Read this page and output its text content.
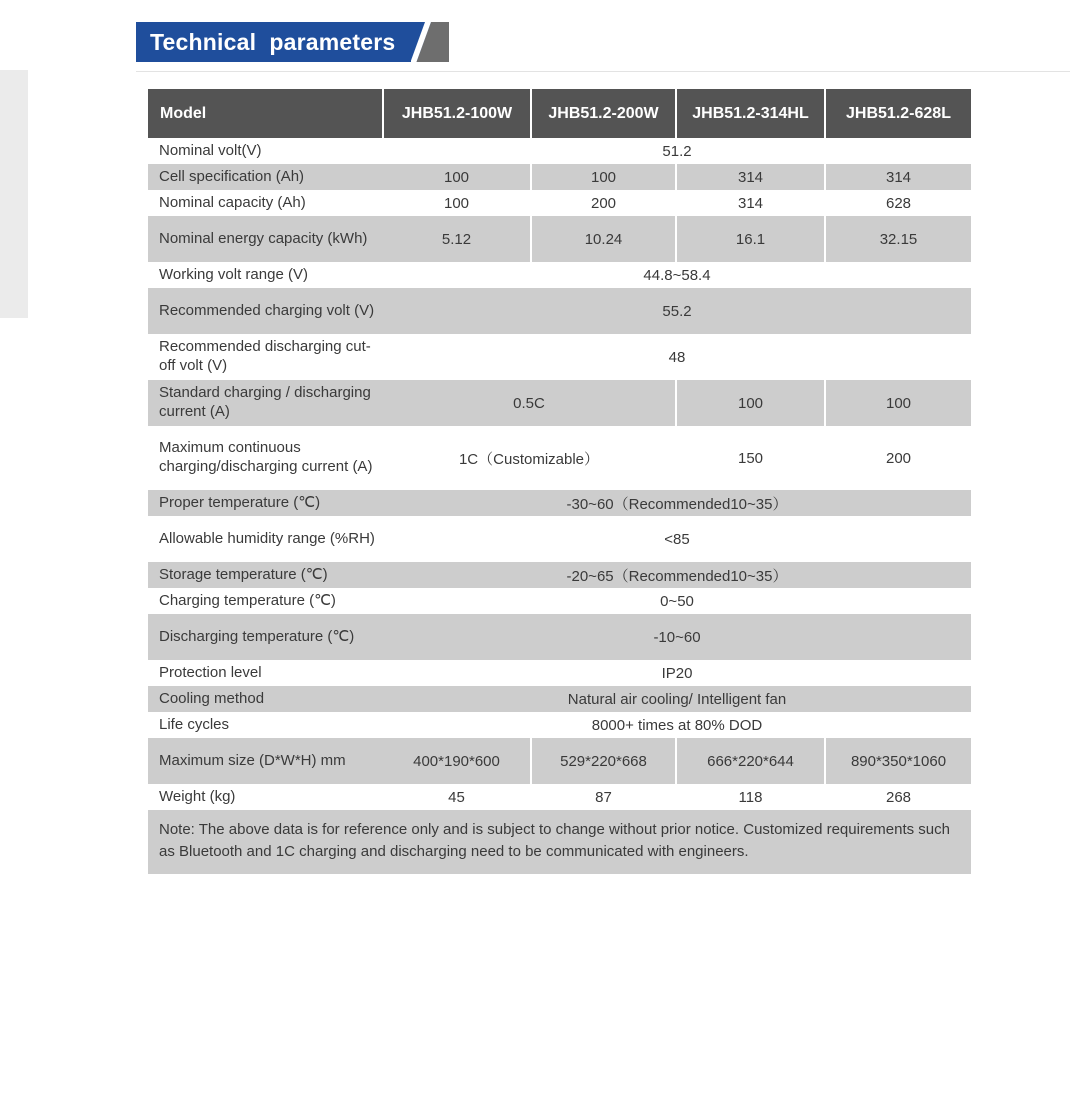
Technical  parameters
Model	JHB51.2-100W	JHB51.2-200W	JHB51.2-314HL	JHB51.2-628L
Nominal volt(V)	51.2			
Cell specification (Ah)	100	100	314	314
Nominal capacity (Ah)	100	200	314	628
Nominal energy capacity (kWh)	5.12	10.24	16.1	32.15
Working volt range (V)	44.8~58.4			
Recommended charging volt (V)	55.2			
Recommended discharging cut-off volt (V)	48			
Standard charging / discharging current (A)	0.5C		100	100
Maximum continuous charging/discharging current (A)	1C（Customizable）		150	200
Proper temperature (℃)	-30~60（Recommended10~35）			
Allowable humidity range (%RH)	<85			
Storage temperature (℃)	-20~65（Recommended10~35）			
Charging temperature (℃)	0~50			
Discharging temperature (℃)	-10~60			
Protection level	IP20			
Cooling method	Natural air cooling/ Intelligent fan			
Life cycles	8000+ times at 80% DOD			
Maximum size (D*W*H) mm	400*190*600	529*220*668	666*220*644	890*350*1060
Weight (kg)	45	87	118	268
Note: The above data is for reference only and is subject to change without prior notice. Customized requirements such as Bluetooth and 1C charging and discharging need to be communicated with engineers.				
